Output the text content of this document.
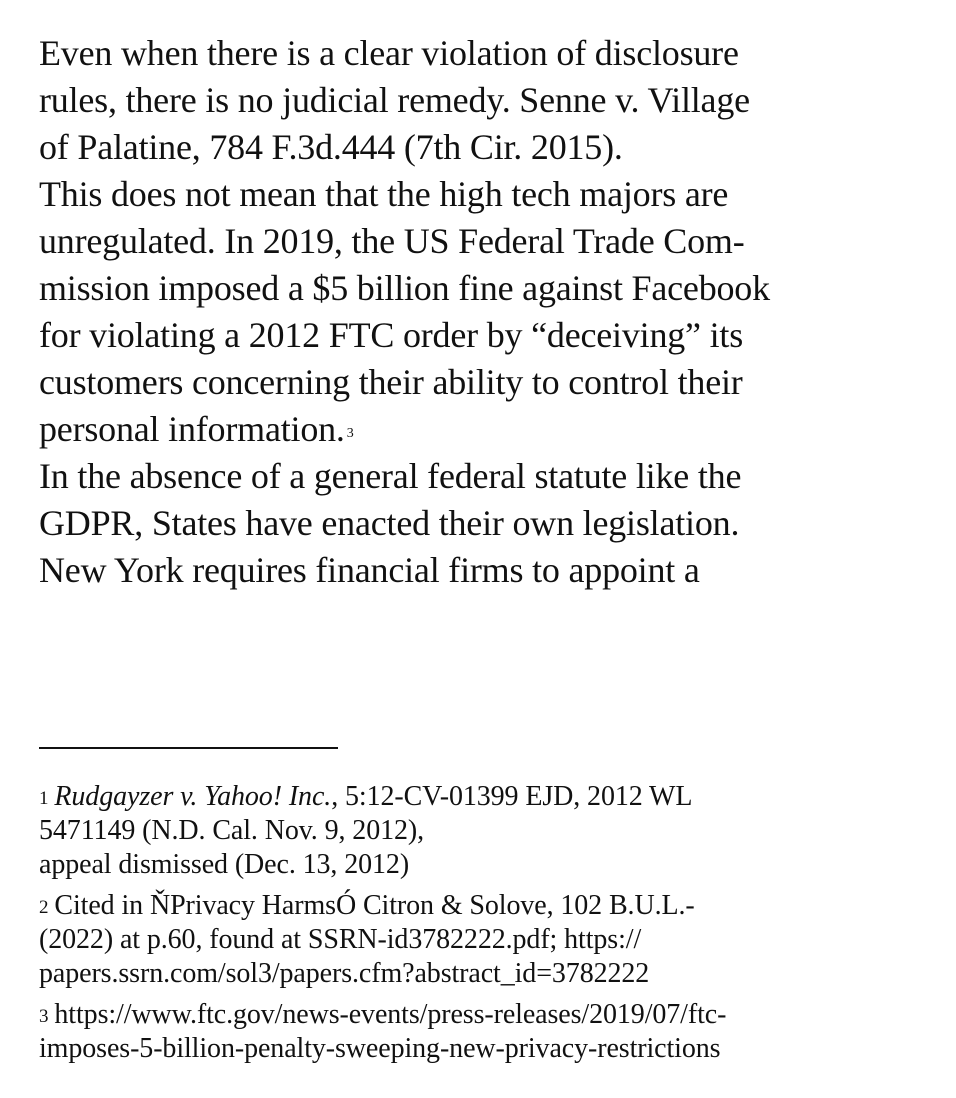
Even when there is a clear violation of disclosure
rules, there is no judicial remedy. Senne v. Village
of Palatine, 784 F.3d.444 (7th Cir. 2015).
This does not mean that the high tech majors are
unregulated. In 2019, the US Federal Trade Com-
mission imposed a $5 billion fine against Facebook
for violating a 2012 FTC order by “deceiving” its
customers concerning their ability to control their
personal information. $^3$
In the absence of a general federal statute like the
GDPR, States have enacted their own legislation.
New York requires financial firms to appoint a
$^1$ Rudgayzer v. Yahoo! Inc., 5:12-CV-01399 EJD, 2012 WL
5471149 (N.D. Cal. Nov. 9, 2012),
appeal dismissed (Dec. 13, 2012)
$^2$ Cited in ŇPrivacy HarmsÓ Citron & Solove, 102 B.U.L.-
(2022) at p.60, found at SSRN-id3782222.pdf; https://
papers.ssrn.com/sol3/papers.cfm?abstract_id=3782222
$^3$ https://www.ftc.gov/news-events/press-releases/2019/07/ftc-
imposes-5-billion-penalty-sweeping-new-privacy-restrictions
